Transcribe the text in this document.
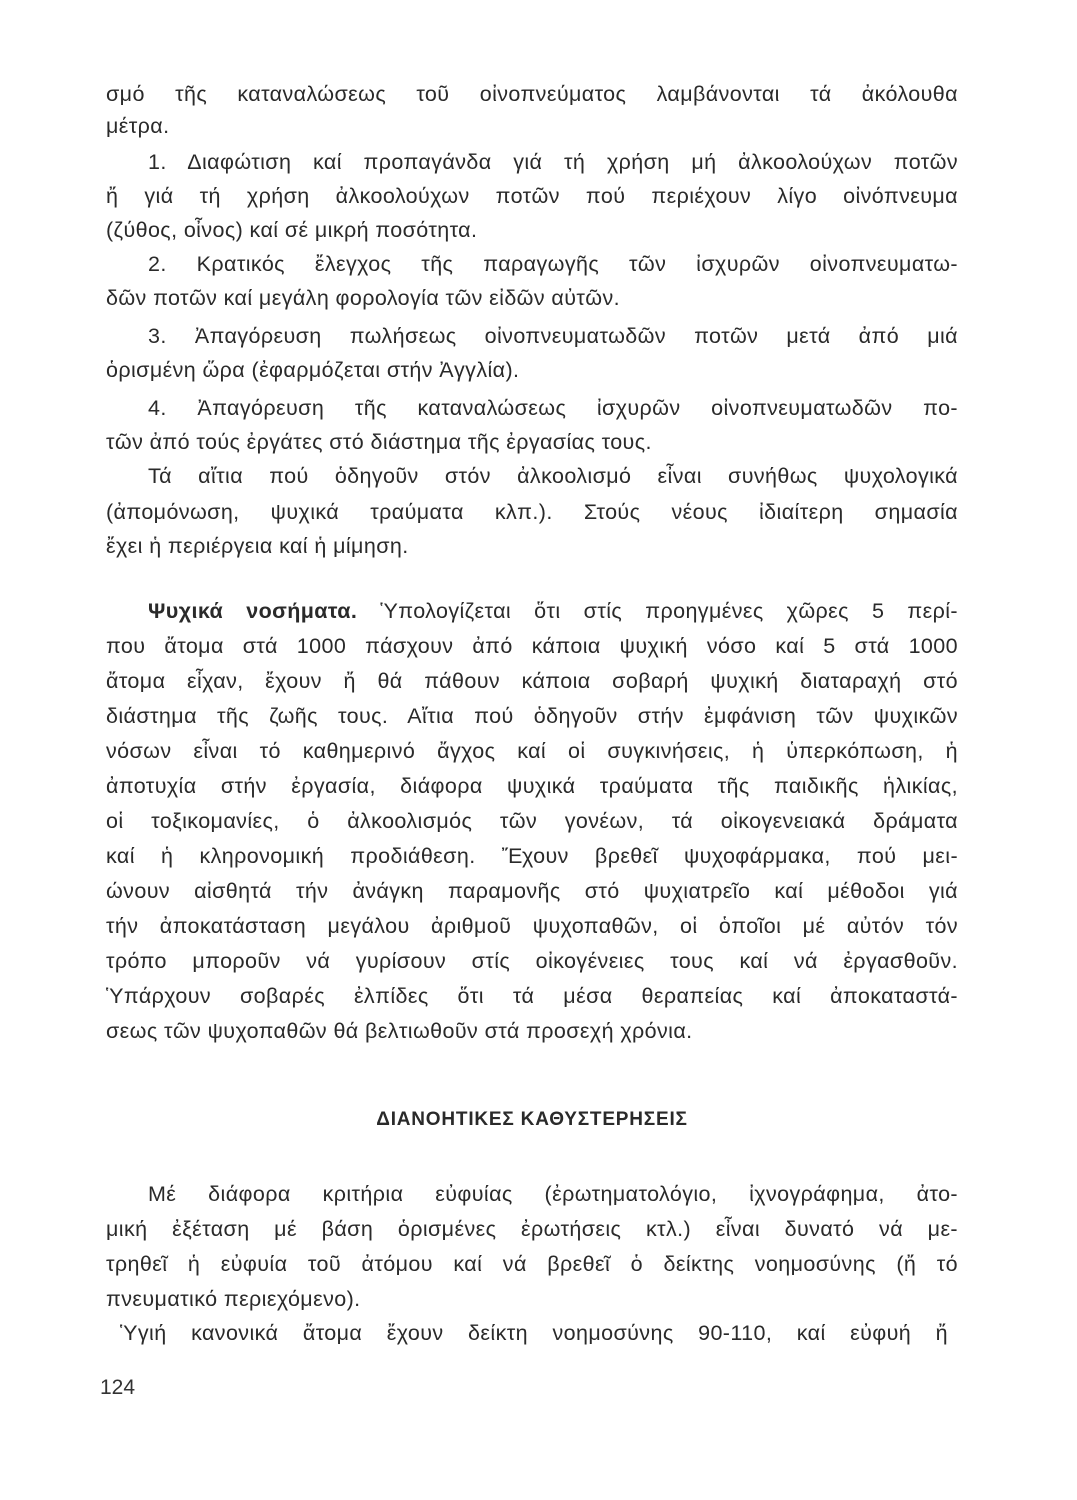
σμό τῆς καταναλώσεως τοῦ οἰνοπνεύματος λαμβάνονται τά ἀκόλουθα
μέτρα.
1. Διαφώτιση καί προπαγάνδα γιά τή χρήση μή ἀλκοολούχων ποτῶν
ἤ γιά τή χρήση ἀλκοολούχων ποτῶν πού περιέχουν λίγο οἰνόπνευμα
(ζύθος, οἶνος) καί σέ μικρή ποσότητα.
2. Κρατικός ἔλεγχος τῆς παραγωγῆς τῶν ἰσχυρῶν οἰνοπνευματω-
δῶν ποτῶν καί μεγάλη φορολογία τῶν εἰδῶν αὐτῶν.
3. Ἀπαγόρευση πωλήσεως οἰνοπνευματωδῶν ποτῶν μετά ἀπό μιά
ὁρισμένη ὥρα (ἐφαρμόζεται στήν Ἀγγλία).
4. Ἀπαγόρευση τῆς καταναλώσεως ἰσχυρῶν οἰνοπνευματωδῶν πο-
τῶν ἀπό τούς ἐργάτες στό διάστημα τῆς ἐργασίας τους.
Τά αἴτια πού ὁδηγοῦν στόν ἀλκοολισμό εἶναι συνήθως ψυχολογικά
(ἀπομόνωση, ψυχικά τραύματα κλπ.). Στούς νέους ἰδιαίτερη σημασία
ἔχει ἡ περιέργεια καί ἡ μίμηση.
Ψυχικά νοσήματα. Ὑπολογίζεται ὅτι στίς προηγμένες χῶρες 5 περί-
που ἄτομα στά 1000 πάσχουν ἀπό κάποια ψυχική νόσο καί 5 στά 1000
ἄτομα εἶχαν, ἔχουν ἤ θά πάθουν κάποια σοβαρή ψυχική διαταραχή στό
διάστημα τῆς ζωῆς τους. Αἴτια πού ὁδηγοῦν στήν ἐμφάνιση τῶν ψυχικῶν
νόσων εἶναι τό καθημερινό ἄγχος καί οἱ συγκινήσεις, ἡ ὑπερκόπωση, ἡ
ἀποτυχία στήν ἐργασία, διάφορα ψυχικά τραύματα τῆς παιδικῆς ἡλικίας,
οἱ τοξικομανίες, ὁ ἀλκοολισμός τῶν γονέων, τά οἰκογενειακά δράματα
καί ἡ κληρονομική προδιάθεση. Ἔχουν βρεθεῖ ψυχοφάρμακα, πού μει-
ώνουν αἰσθητά τήν ἀνάγκη παραμονῆς στό ψυχιατρεῖο καί μέθοδοι γιά
τήν ἀποκατάσταση μεγάλου ἀριθμοῦ ψυχοπαθῶν, οἱ ὁποῖοι μέ αὐτόν τόν
τρόπο μποροῦν νά γυρίσουν στίς οἰκογένειες τους καί νά ἐργασθοῦν.
Ὑπάρχουν σοβαρές ἐλπίδες ὅτι τά μέσα θεραπείας καί ἀποκαταστά-
σεως τῶν ψυχοπαθῶν θά βελτιωθοῦν στά προσεχή χρόνια.
ΔΙΑΝΟΗΤΙΚΕΣ ΚΑΘΥΣΤΕΡΗΣΕΙΣ
Μέ διάφορα κριτήρια εὐφυίας (ἐρωτηματολόγιο, ἰχνογράφημα, ἀτο-
μική ἐξέταση μέ βάση ὁρισμένες ἐρωτήσεις κτλ.) εἶναι δυνατό νά με-
τρηθεῖ ἡ εὐφυία τοῦ ἀτόμου καί νά βρεθεῖ ὁ δείκτης νοημοσύνης (ἤ τό
πνευματικό περιεχόμενο).
Ὑγιή κανονικά ἄτομα ἔχουν δείκτη νοημοσύνης 90-110, καί εὐφυή ἤ
124
